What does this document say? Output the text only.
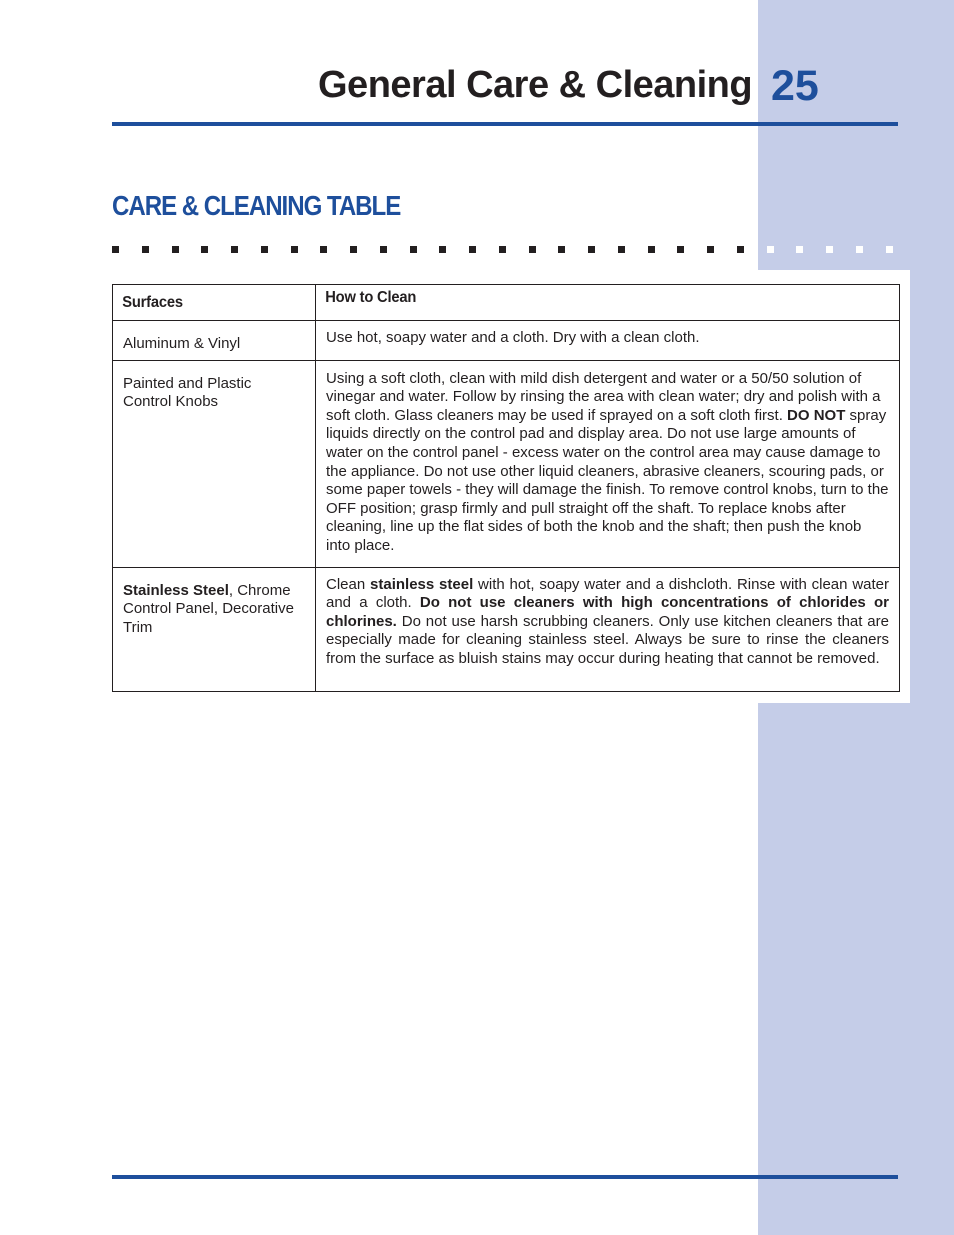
General Care & Cleaning 25
CARE & CLEANING TABLE
Surfaces	How to Clean

Aluminum & Vinyl	Use hot, soapy water and a cloth. Dry with a clean cloth.

Painted and Plastic Control Knobs	Using a soft cloth, clean with mild dish detergent and water or a 50/50 solution of vinegar and water. Follow by rinsing the area with clean water; dry and polish with a soft cloth. Glass cleaners may be used if sprayed on a soft cloth first. DO NOT spray liquids directly on the control pad and display area. Do not use large amounts of water on the control panel - excess water on the control area may cause damage to the appliance. Do not use other liquid cleaners, abrasive cleaners, scouring pads, or some paper towels - they will damage the finish. To remove control knobs, turn to the OFF position; grasp firmly and pull straight off the shaft. To replace knobs after cleaning, line up the flat sides of both the knob and the shaft; then push the knob into place.

Stainless Steel, Chrome Control Panel, Decorative Trim	Clean stainless steel with hot, soapy water and a dishcloth. Rinse with clean water and a cloth. Do not use cleaners with high concentrations of chlorides or chlorines. Do not use harsh scrubbing cleaners. Only use kitchen cleaners that are especially made for cleaning stainless steel. Always be sure to rinse the cleaners from the surface as bluish stains may occur during heating that cannot be removed.
